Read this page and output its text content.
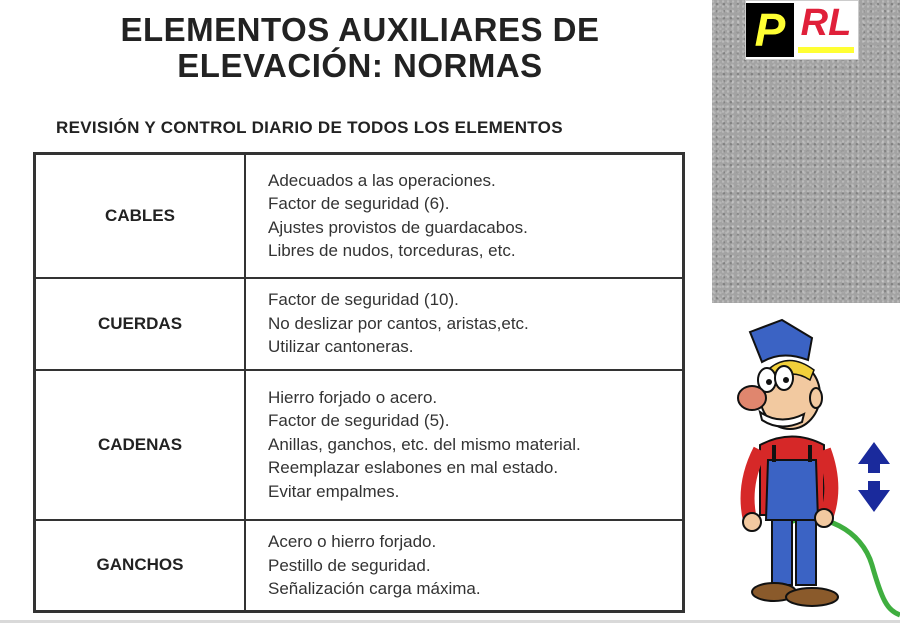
ELEMENTOS AUXILIARES DE
ELEVACIÓN: NORMAS
REVISIÓN Y CONTROL DIARIO DE TODOS LOS ELEMENTOS
CABLES	Adecuados a las operaciones.
Factor de seguridad (6).
Ajustes provistos de guardacabos.
Libres de nudos, torceduras, etc.

CUERDAS	Factor de seguridad (10).
No deslizar por cantos, aristas,etc.
Utilizar cantoneras.

CADENAS	Hierro forjado o acero.
Factor de seguridad (5).
Anillas, ganchos, etc. del mismo material.
Reemplazar eslabones en mal estado.
Evitar empalmes.

GANCHOS	Acero o hierro forjado.
Pestillo de seguridad.
Señalización carga máxima.
P RL
